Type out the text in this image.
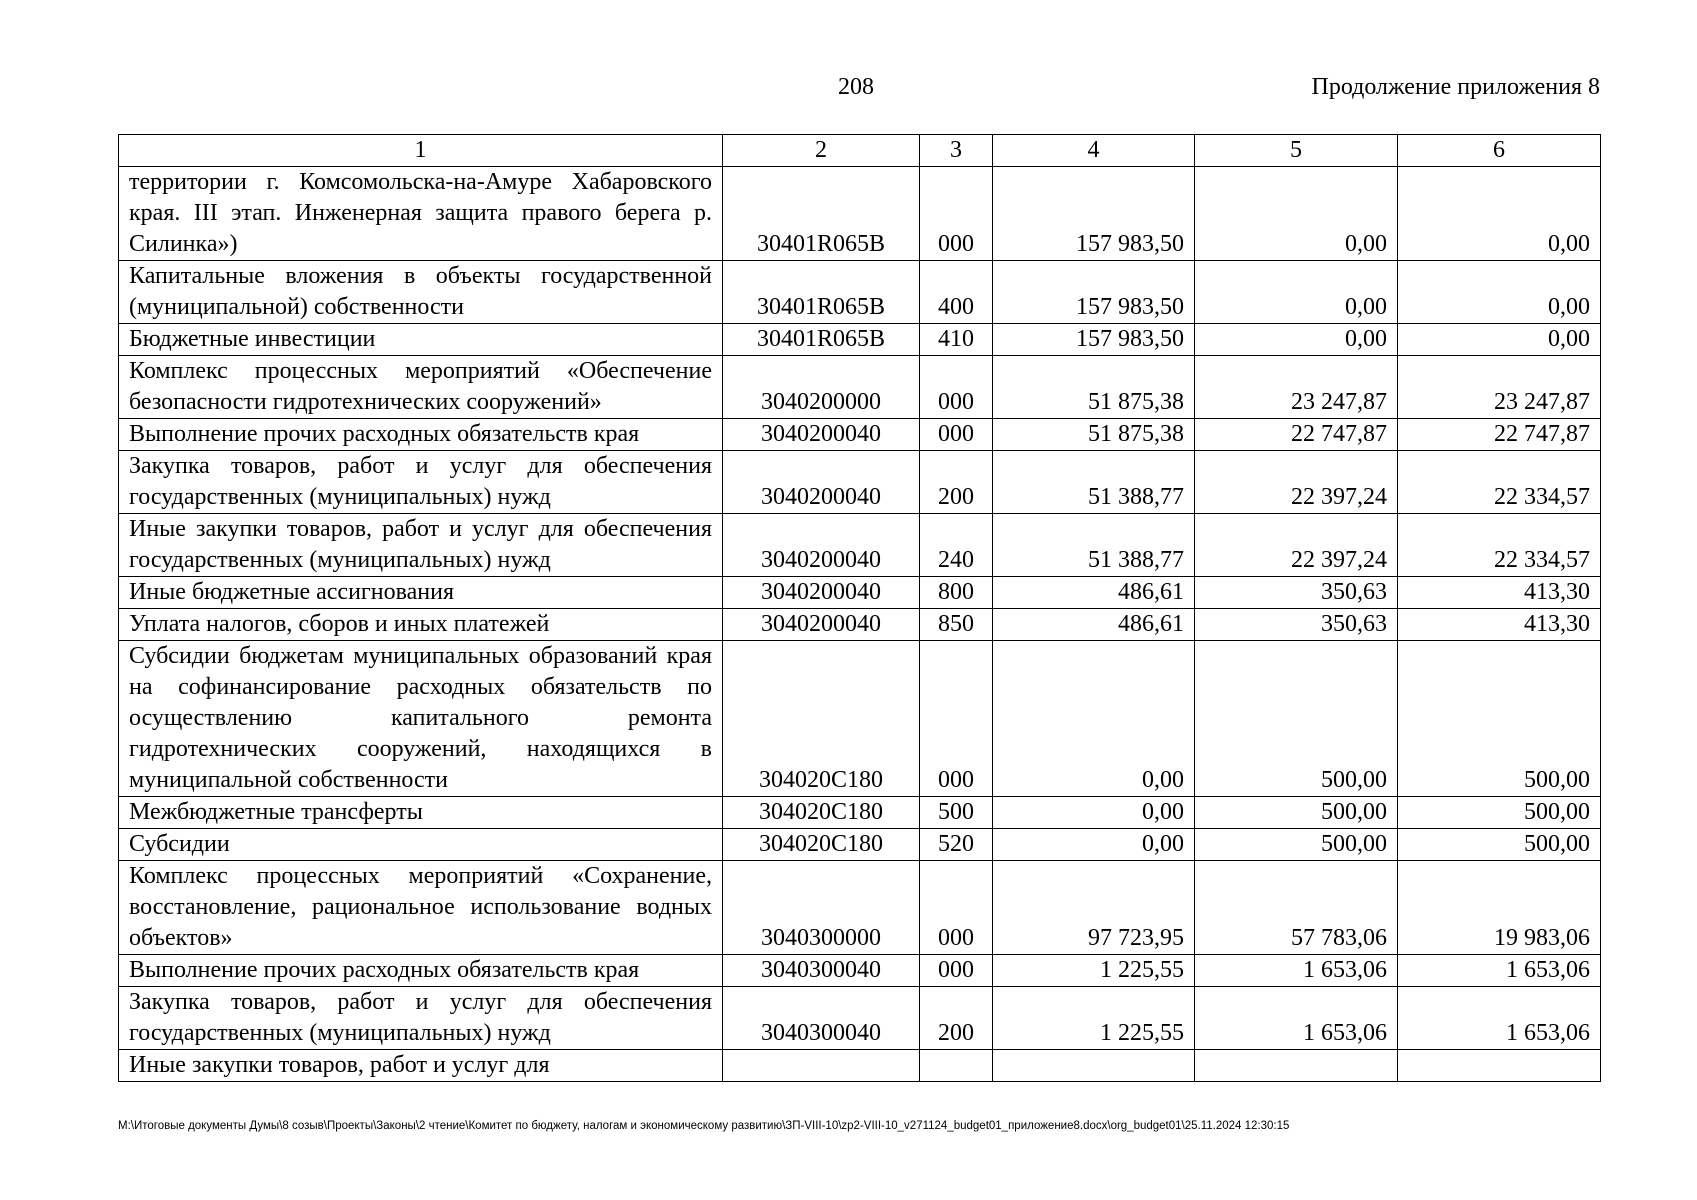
208	Продолжение приложения 8
1	2	3	4	5	6
территории г. Комсомольска-на-Амуре Хабаровского края. III этап. Инженерная защита правого берега р. Силинка»)	30401R065B	000	157 983,50	0,00	0,00
Капитальные вложения в объекты государственной (муниципальной) собственности	30401R065B	400	157 983,50	0,00	0,00
Бюджетные инвестиции	30401R065B	410	157 983,50	0,00	0,00
Комплекс процессных мероприятий «Обеспечение безопасности гидротехнических сооружений»	3040200000	000	51 875,38	23 247,87	23 247,87
Выполнение прочих расходных обязательств края	3040200040	000	51 875,38	22 747,87	22 747,87
Закупка товаров, работ и услуг для обеспечения государственных (муниципальных) нужд	3040200040	200	51 388,77	22 397,24	22 334,57
Иные закупки товаров, работ и услуг для обеспечения государственных (муниципальных) нужд	3040200040	240	51 388,77	22 397,24	22 334,57
Иные бюджетные ассигнования	3040200040	800	486,61	350,63	413,30
Уплата налогов, сборов и иных платежей	3040200040	850	486,61	350,63	413,30
Субсидии бюджетам муниципальных образований края на софинансирование расходных обязательств по осуществлению капитального ремонта гидротехнических сооружений, находящихся в муниципальной собственности	304020С180	000	0,00	500,00	500,00
Межбюджетные трансферты	304020С180	500	0,00	500,00	500,00
Субсидии	304020С180	520	0,00	500,00	500,00
Комплекс процессных мероприятий «Сохранение, восстановление, рациональное использование водных объектов»	3040300000	000	97 723,95	57 783,06	19 983,06
Выполнение прочих расходных обязательств края	3040300040	000	1 225,55	1 653,06	1 653,06
Закупка товаров, работ и услуг для обеспечения государственных (муниципальных) нужд	3040300040	200	1 225,55	1 653,06	1 653,06
Иные закупки товаров, работ и услуг для					
M:\Итоговые документы Думы\8 созыв\Проекты\Законы\2 чтение\Комитет по бюджету, налогам и экономическому развитию\ЗП-VIII-10\zp2-VIII-10_v271124_budget01_приложение8.docx\org_budget01\25.11.2024 12:30:15
